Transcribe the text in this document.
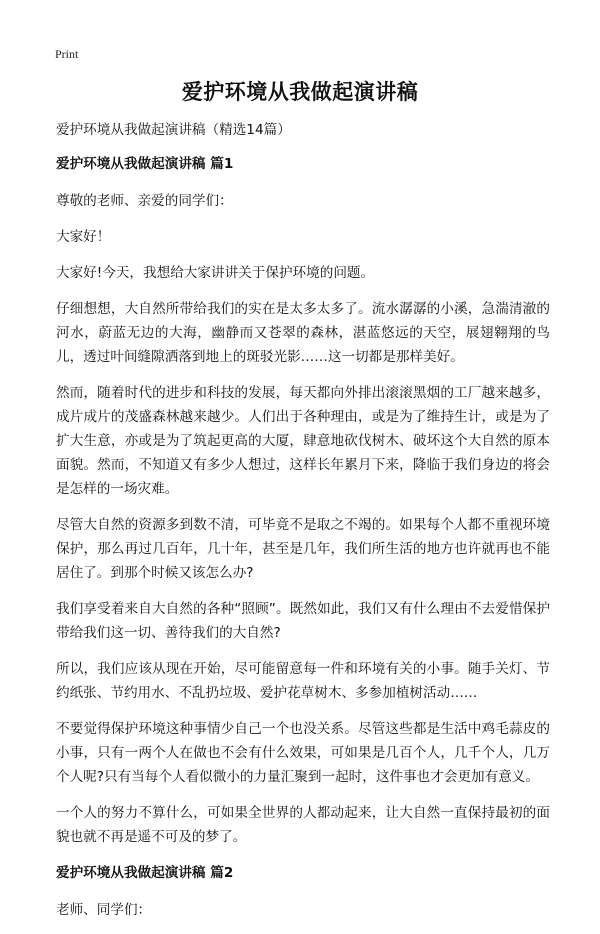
Print
爱护环境从我做起演讲稿

爱护环境从我做起演讲稿（精选14篇）

爱护环境从我做起演讲稿 篇1

尊敬的老师、亲爱的同学们：

大家好！

大家好!今天，我想给大家讲讲关于保护环境的问题。

仔细想想，大自然所带给我们的实在是太多太多了。流水潺潺的小溪，急湍清澈的河水，蔚蓝无边的大海，幽静而又苍翠的森林，湛蓝悠远的天空，展翅翱翔的鸟儿，透过叶间缝隙洒落到地上的斑驳光影……这一切都是那样美好。

然而，随着时代的进步和科技的发展，每天都向外排出滚滚黑烟的工厂越来越多，成片成片的茂盛森林越来越少。人们出于各种理由，或是为了维持生计，或是为了扩大生意，亦或是为了筑起更高的大厦，肆意地砍伐树木、破坏这个大自然的原本面貌。然而，不知道又有多少人想过，这样长年累月下来，降临于我们身边的将会是怎样的一场灾难。

尽管大自然的资源多到数不清，可毕竟不是取之不竭的。如果每个人都不重视环境保护，那么再过几百年，几十年，甚至是几年，我们所生活的地方也许就再也不能居住了。到那个时候又该怎么办?

我们享受着来自大自然的各种“照顾”。既然如此，我们又有什么理由不去爱惜保护带给我们这一切、善待我们的大自然?

所以，我们应该从现在开始，尽可能留意每一件和环境有关的小事。随手关灯、节约纸张、节约用水、不乱扔垃圾、爱护花草树木、多参加植树活动……

不要觉得保护环境这种事情少自己一个也没关系。尽管这些都是生活中鸡毛蒜皮的小事，只有一两个人在做也不会有什么效果，可如果是几百个人，几千个人，几万个人呢?只有当每个人看似微小的力量汇聚到一起时，这件事也才会更加有意义。

一个人的努力不算什么，可如果全世界的人都动起来，让大自然一直保持最初的面貌也就不再是遥不可及的梦了。

爱护环境从我做起演讲稿 篇2

老师、同学们：
